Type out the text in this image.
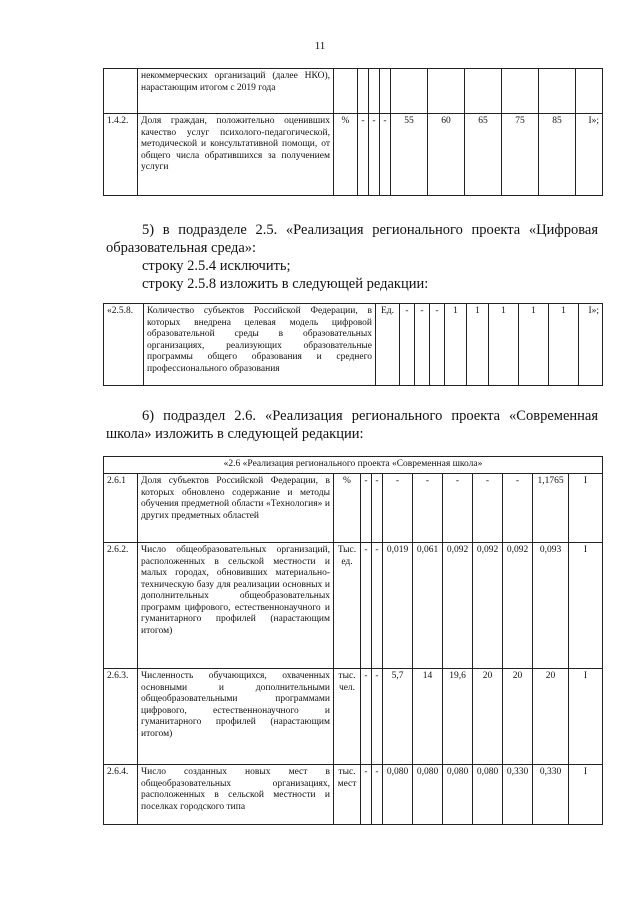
11
	некоммерческих организаций (далее НКО), нарастающим итогом с 2019 года										
1.4.2.	Доля граждан, положительно оценивших качество услуг психолого-педагогической, методической и консультативной помощи, от общего числа обратившихся за получением услуги	%	-	-	-	55	60	65	75	85	I»;
5) в подразделе 2.5. «Реализация регионального проекта «Цифровая
образовательная среда»:
строку 2.5.4 исключить;
строку 2.5.8 изложить в следующей редакции:
«2.5.8.	Количество субъектов Российской Федерации, в которых внедрена целевая модель цифровой образовательной среды в образовательных организациях, реализующих образовательные программы общего образования и среднего профессионального образования	Ед.	-	-	-	1	1	1	1	1	I»;
6) подраздел 2.6. «Реализация регионального проекта «Современная
школа» изложить в следующей редакции:
«2.6 «Реализация регионального проекта «Современная школа»											
2.6.1	Доля субъектов Российской Федерации, в которых обновлено содержание и методы обучения предметной области «Технология» и других предметных областей	%	-	-	-	-	-	-	-	1,1765	I
2.6.2.	Число общеобразовательных организаций, расположенных в сельской местности и малых городах, обновивших материально-техническую базу для реализации основных и дополнительных общеобразовательных программ цифрового, естественнонаучного и гуманитарного профилей (нарастающим итогом)	Тыс. ед.	-	-	0,019	0,061	0,092	0,092	0,092	0,093	I
2.6.3.	Численность обучающихся, охваченных основными и дополнительными общеобразовательными программами цифрового, естественнонаучного и гуманитарного профилей (нарастающим итогом)	тыс. чел.	-	-	5,7	14	19,6	20	20	20	I
2.6.4.	Число созданных новых мест в общеобразовательных организациях, расположенных в сельской местности и поселках городского типа	тыс. мест	-	-	0,080	0,080	0,080	0,080	0,330	0,330	I
